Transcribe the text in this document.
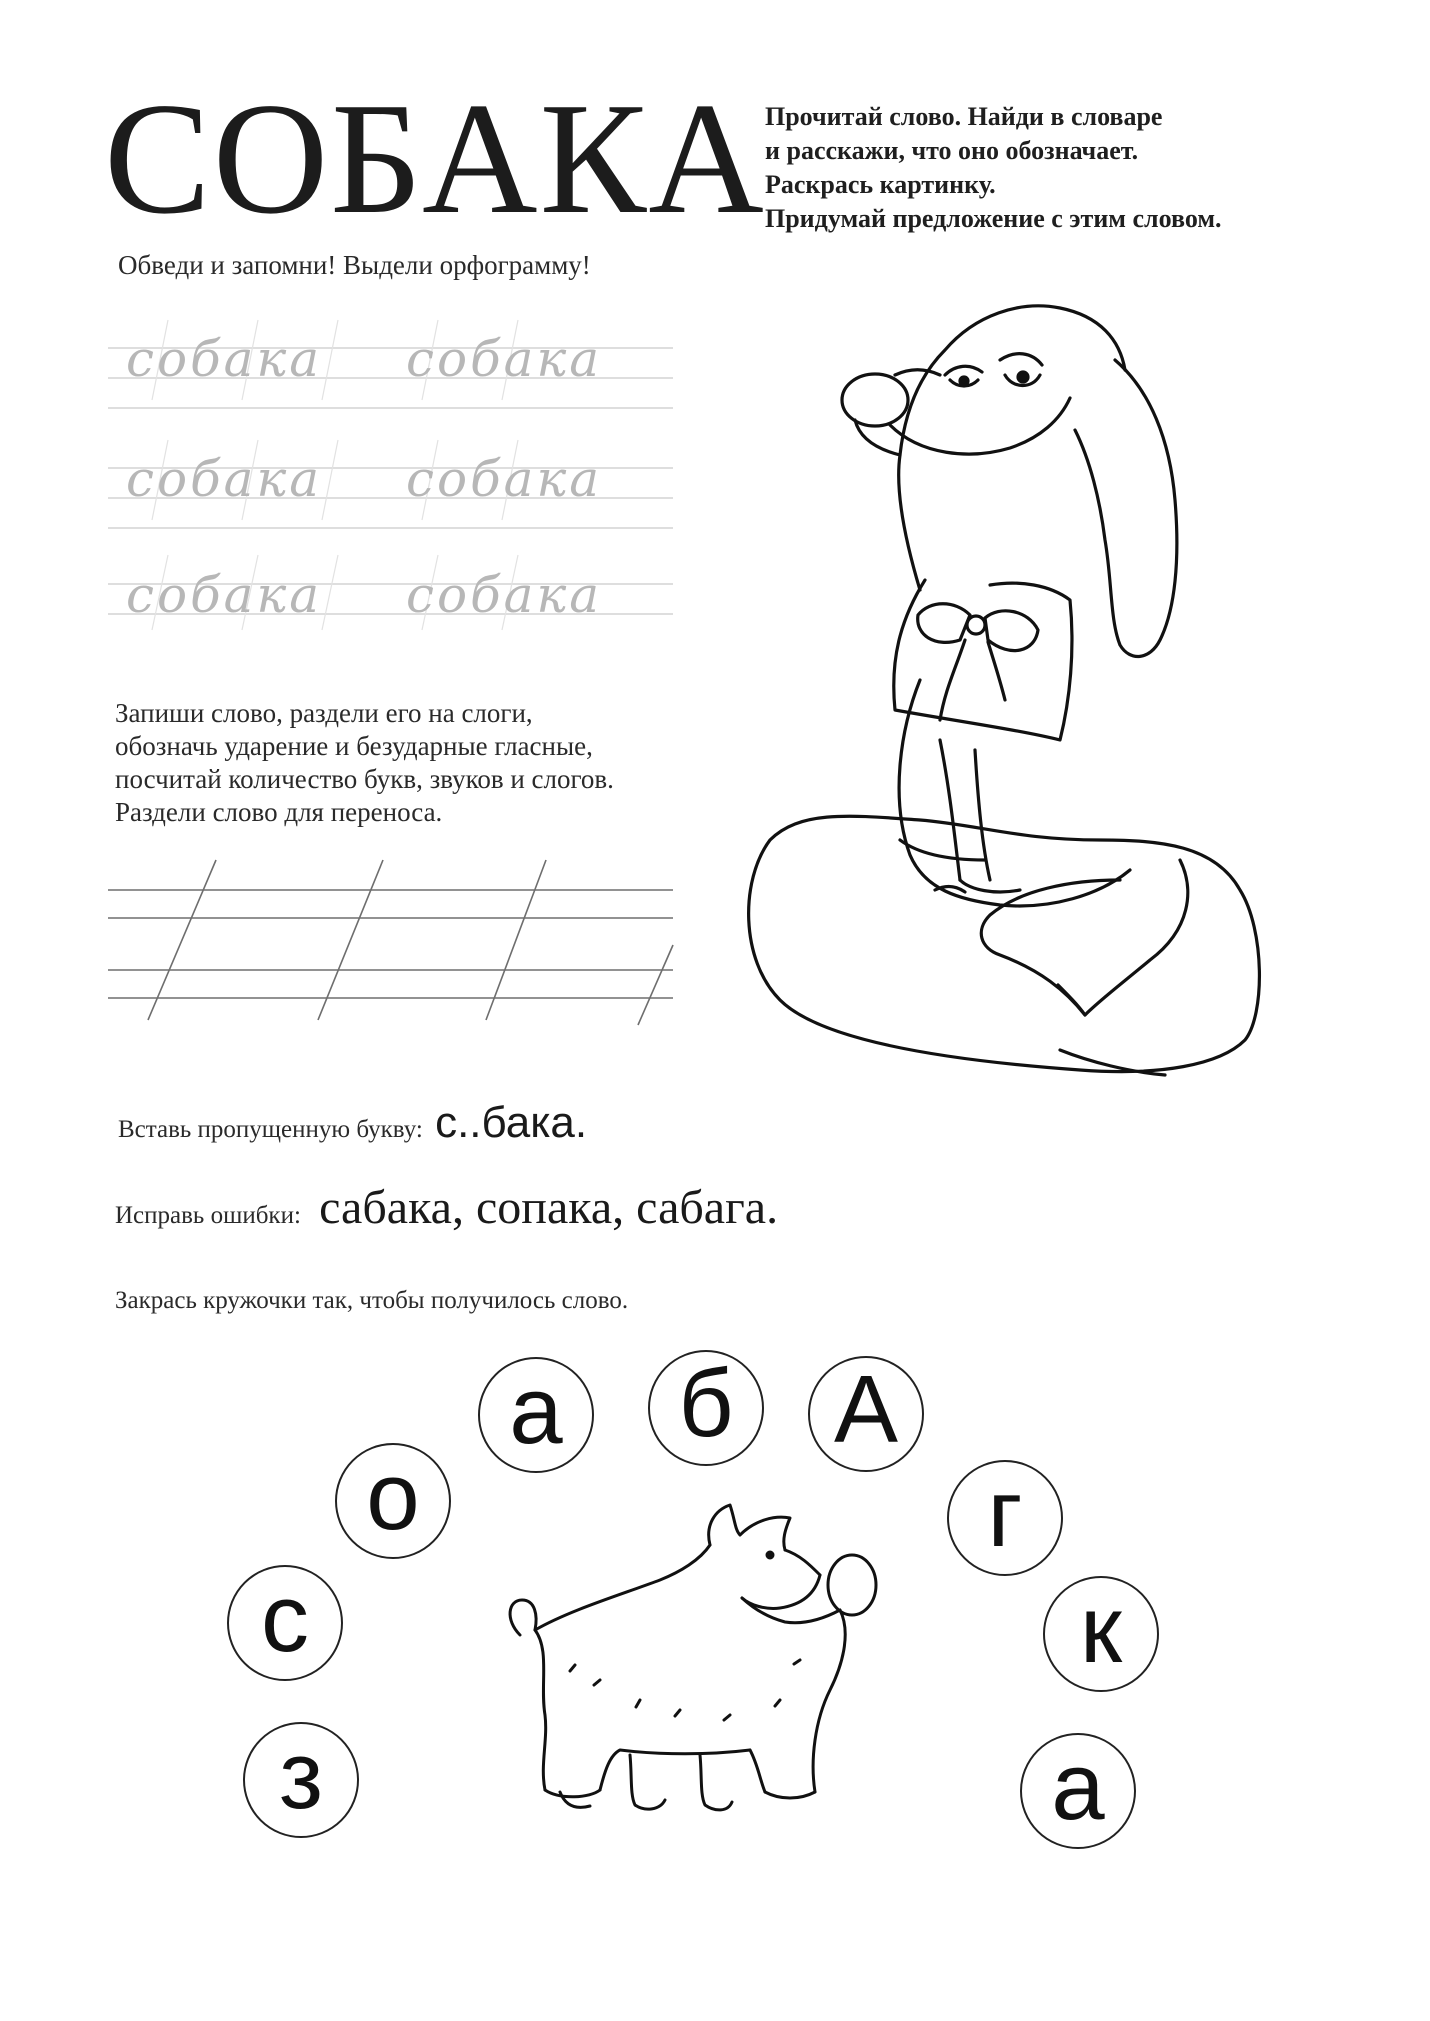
СОБАКА Прочитай слово. Найди в словаре
и расскажи, что оно обозначает.
Раскрась картинку.
Придумай предложение с этим словом.
Обведи и запомни! Выдели орфограмму!
собака собака
собака собака
собака собака
Запиши слово, раздели его на слоги,
обозначь ударение и безударные гласные,
посчитай количество букв, звуков и слогов.
Раздели слово для переноса.
Вставь пропущенную букву: с..бака.
Исправь ошибки: сабака, сопака, сабага.
Закрась кружочки так, чтобы получилось слово.
з
с
о
а	б	А
г
к
а
